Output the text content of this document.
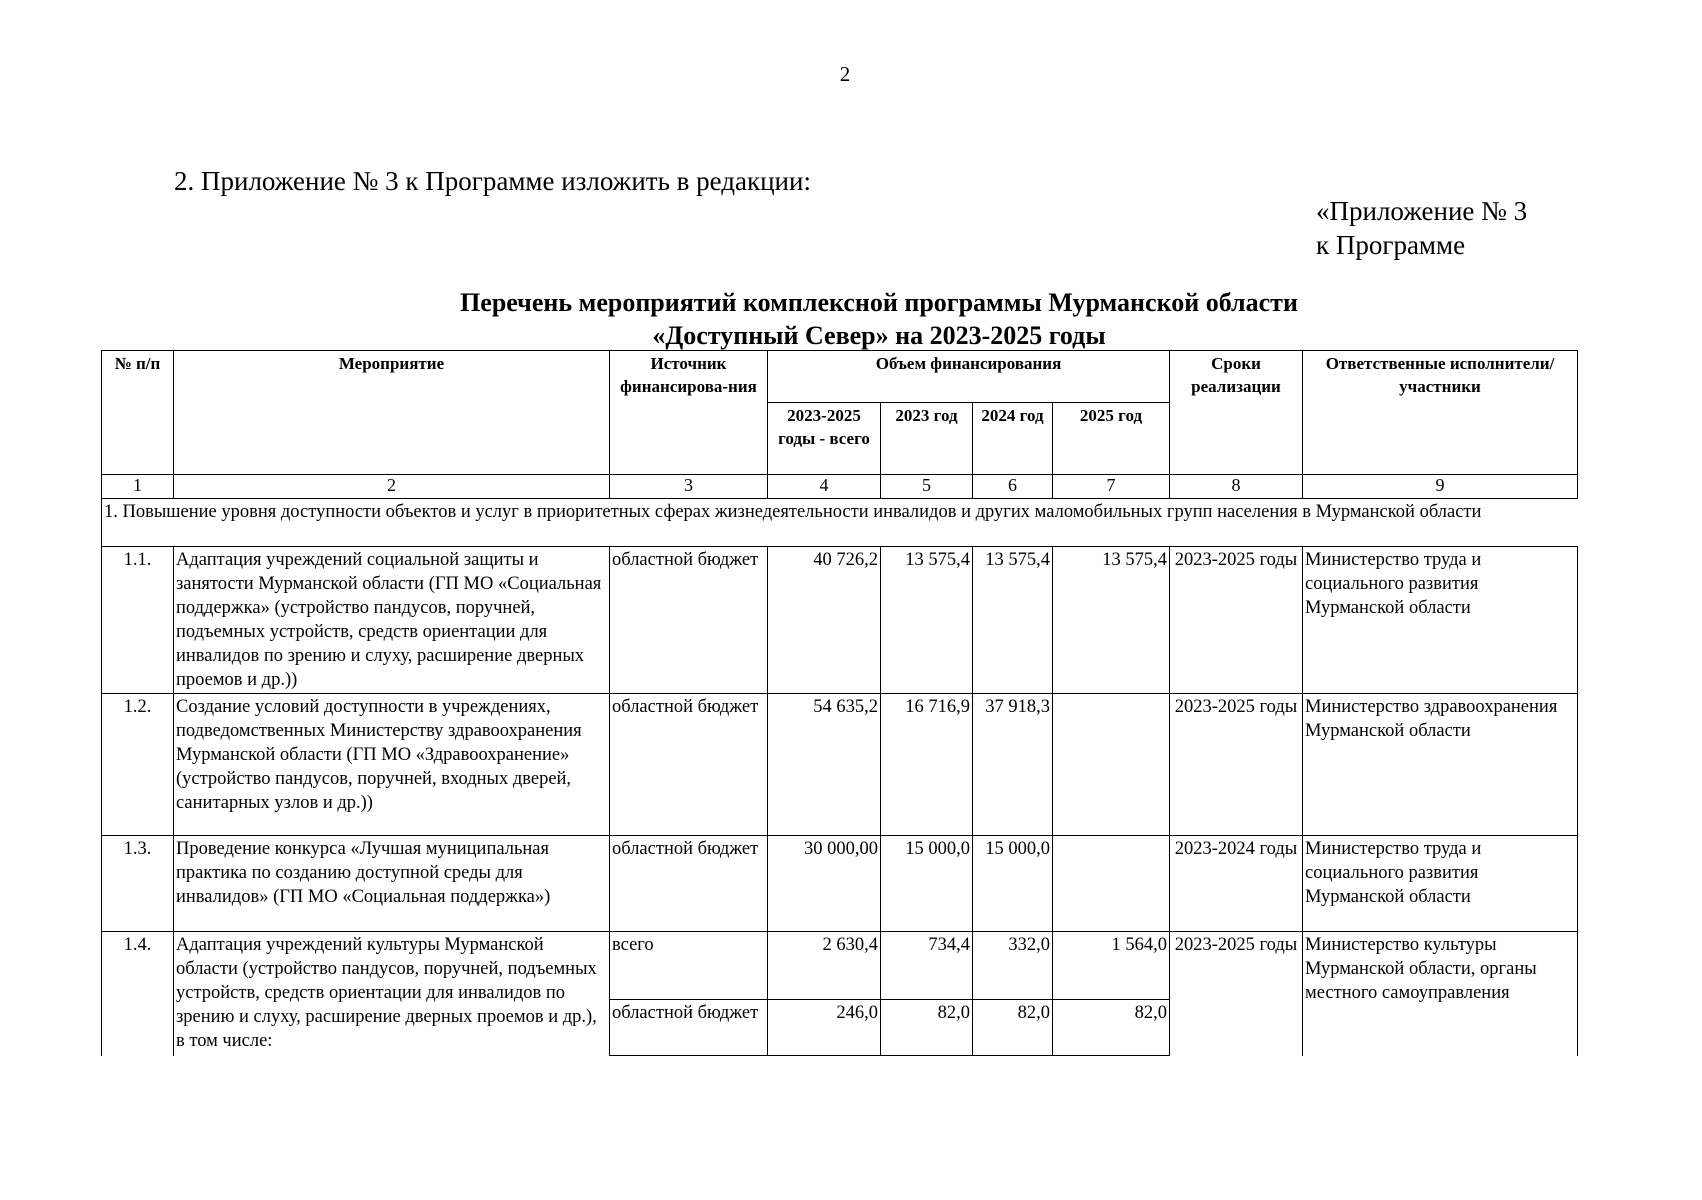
2
2. Приложение № 3 к Программе изложить в редакции:
«Приложение № 3
к Программе
Перечень мероприятий комплексной программы Мурманской области
«Доступный Север» на 2023-2025 годы
№ п/п	Мероприятие	Источник финансирова-ния	Объем финансирования				Сроки реализации	Ответственные исполнители/участники
			2023-2025 годы - всего	2023 год	2024 год	2025 год		
1	2	3	4	5	6	7	8	9
1. Повышение уровня доступности объектов и услуг в приоритетных сферах жизнедеятельности инвалидов и других маломобильных групп населения в Мурманской области								
1.1.	Адаптация учреждений социальной защиты и занятости Мурманской области (ГП МО «Социальная поддержка» (устройство пандусов, поручней, подъемных устройств, средств ориентации для инвалидов по зрению и слуху, расширение дверных проемов и др.))	областной бюджет	40 726,2	13 575,4	13 575,4	13 575,4	2023-2025 годы	Министерство труда и социального развития Мурманской области
1.2.	Создание условий доступности в учреждениях, подведомственных Министерству здравоохранения Мурманской области (ГП МО «Здравоохранение» (устройство пандусов, поручней, входных дверей, санитарных узлов и др.))	областной бюджет	54 635,2	16 716,9	37 918,3		2023-2025 годы	Министерство здравоохранения Мурманской области
1.3.	Проведение конкурса «Лучшая муниципальная практика по созданию доступной среды для инвалидов» (ГП МО «Социальная поддержка»)	областной бюджет	30 000,00	15 000,0	15 000,0		2023-2024 годы	Министерство труда и социального развития Мурманской области
1.4.	Адаптация учреждений культуры Мурманской области (устройство пандусов, поручней, подъемных устройств, средств ориентации для инвалидов по зрению и слуху, расширение дверных проемов и др.), в том числе:	всего	2 630,4	734,4	332,0	1 564,0	2023-2025 годы	Министерство культуры Мурманской области, органы местного самоуправления
		областной бюджет	246,0	82,0	82,0	82,0		
